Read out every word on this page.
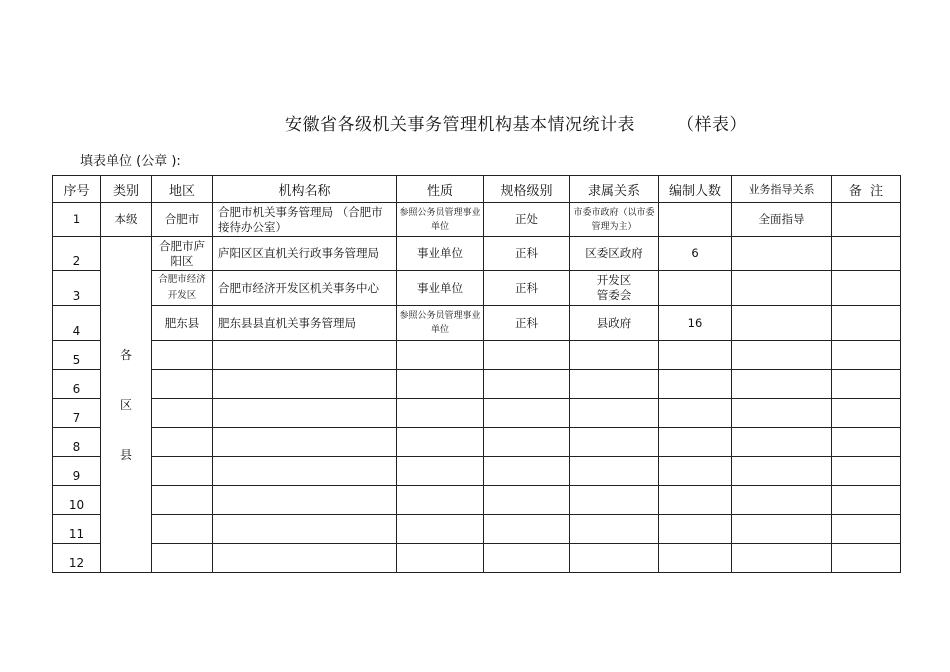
安徽省各级机关事务管理机构基本情况统计表 （样表）
填表单位 (公章 ):
序号	类别	地区	机构名称	性质	规格级别	隶属关系	编制人数	业务指导关系	备  注
1	本级	合肥市	合肥市机关事务管理局 （合肥市接待办公室）	参照公务员管理事业单位	正处	市委市政府（以市委管理为主）		全面指导	
2	各
区
县	合肥市庐阳区	庐阳区区直机关行政事务管理局	事业单位	正科	区委区政府	6		
3		合肥市经济开发区	合肥市经济开发区机关事务中心	事业单位	正科	开发区管委会			
4		肥东县	肥东县县直机关事务管理局	参照公务员管理事业单位	正科	县政府	16		
5									
6									
7									
8									
9									
10									
11									
12									
